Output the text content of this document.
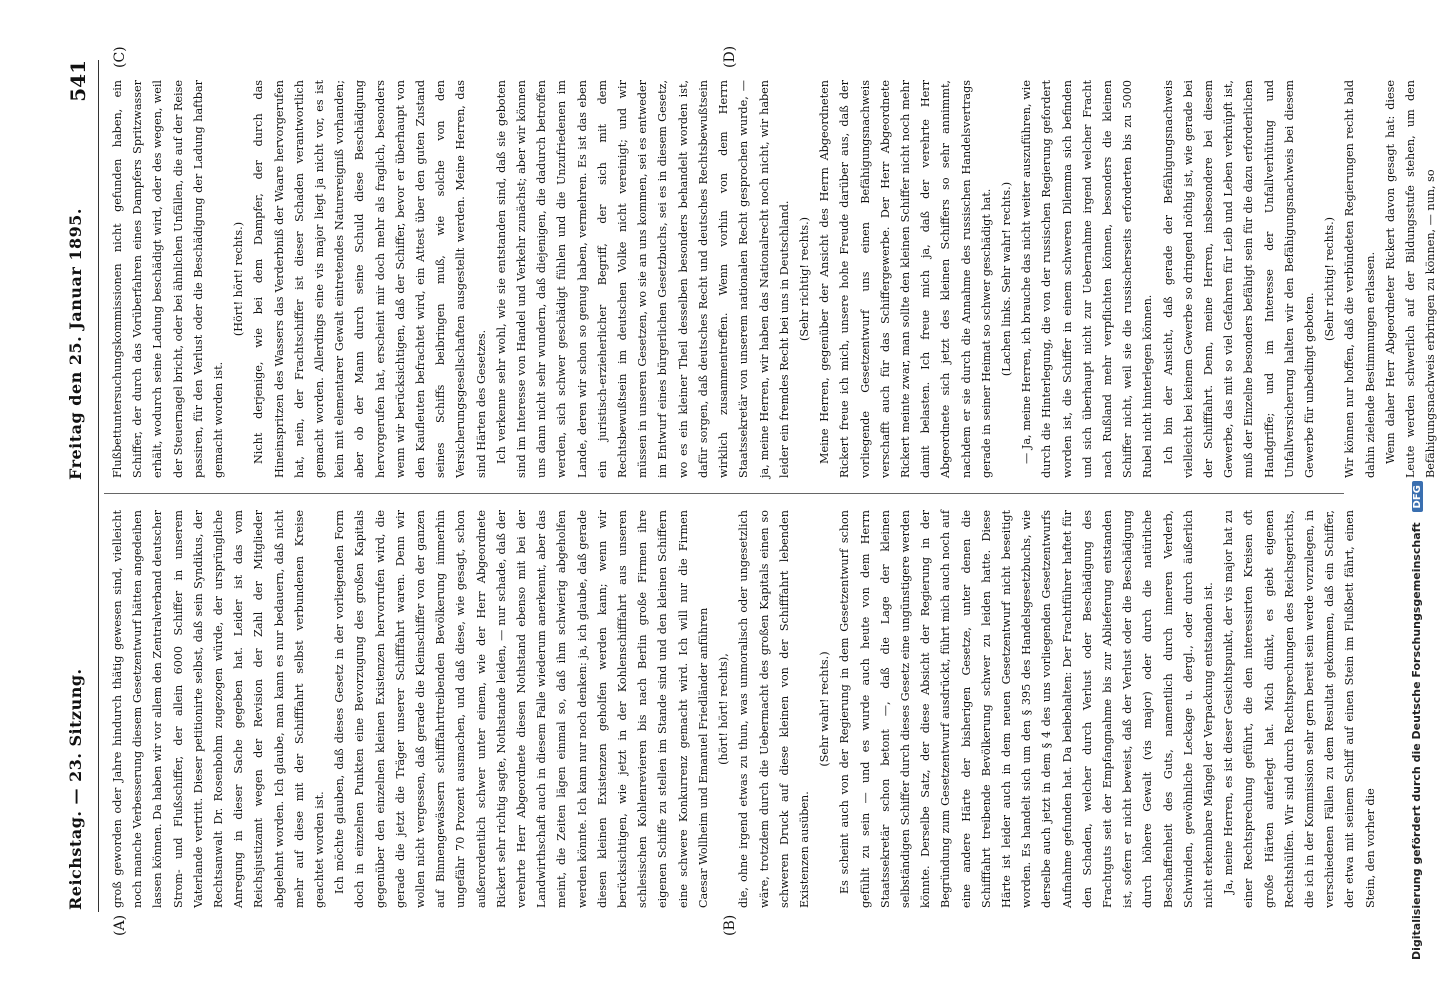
Reichstag. — 23. Sitzung.
Freitag den 25. Januar 1895.
541
(A)	(B)
(C)	(D)

groß geworden oder Jahre hindurch thätig gewesen sind, vielleicht noch manche Verbesserung diesem Gesetzentwurf hätten angedeihen lassen können. Da haben wir vor allem den Zentralverband deutscher Strom- und Flußschiffer, der allein 6000 Schiffer in unserem Vaterlande vertritt. Dieser petitionirte selbst, daß sein Syndikus, der Rechtsanwalt Dr. Rosenbohm zugezogen würde, der ursprüngliche Anregung in dieser Sache gegeben hat. Leider ist das vom Reichsjustizamt wegen der Revision der Zahl der Mitglieder abgelehnt worden. Ich glaube, man kann es nur bedauern, daß nicht mehr auf diese mit der Schifffahrt selbst verbundenen Kreise geachtet worden ist. Ich möchte glauben, daß dieses Gesetz in der vorliegenden Form doch in einzelnen Punkten eine Bevorzugung des großen Kapitals gegenüber den einzelnen kleinen Existenzen hervorrufen wird, die gerade die jetzt die Träger unserer Schifffahrt waren. Denn wir wollen nicht vergessen, daß gerade die Kleinschiffer von der ganzen auf Binnengewässern schifffahrttreibenden Bevölkerung immerhin ungefähr 70 Prozent ausmachen, und daß diese, wie gesagt, schon außerordentlich schwer unter einem, wie der Herr Abgeordnete Rickert sehr richtig sagte, Nothstande leiden, — nur schade, daß der verehrte Herr Abgeordnete diesen Nothstand ebenso mit bei der Landwirthschaft auch in diesem Falle wiederum anerkennt, aber das meint, die Zeiten lägen einmal so, daß ihm schwierig abgeholfen werden könnte. Ich kann nur noch denken: ja, ich glaube, daß gerade diesen kleinen Existenzen geholfen werden kann; wenn wir berücksichtigen, wie jetzt in der Kohlenschifffahrt aus unseren schlesischen Kohlenrevieren bis nach Berlin große Firmen ihre eigenen Schiffe zu stellen im Stande sind und den kleinen Schiffern eine schwere Konkurrenz gemacht wird. Ich will nur die Firmen Caesar Wollheim und Emanuel Friedländer anführen (hört! hört! rechts), die, ohne irgend etwas zu thun, was unmoralisch oder ungesetzlich wäre, trotzdem durch die Uebermacht des großen Kapitals einen so schweren Druck auf diese kleinen von der Schifffahrt lebenden Existenzen ausüben.

(Sehr wahr! rechts.) Es scheint auch von der Regierung in dem Gesetzentwurf schon gefühlt zu sein — und es wurde auch heute von dem Herrn Staatssekretär schon betont —, daß die Lage der kleinen selbständigen Schiffer durch dieses Gesetz eine ungünstigere werden könnte. Derselbe Satz, der diese Absicht der Regierung in der Begründung zum Gesetzentwurf ausdrückt, führt mich auch noch auf eine andere Härte der bisherigen Gesetze, unter denen die Schifffahrt treibende Bevölkerung schwer zu leiden hatte. Diese Härte ist leider auch in dem neuen Gesetzentwurf nicht beseitigt worden. Es handelt sich um den § 395 des Handelsgesetzbuchs, wie derselbe auch jetzt in dem § 4 des uns vorliegenden Gesetzentwurfs Aufnahme gefunden hat. Da beibehalten: Der Frachtführer haftet für den Schaden, welcher durch Verlust oder Beschädigung des Frachtguts seit der Empfangnahme bis zur Ablieferung entstanden ist, sofern er nicht beweist, daß der Verlust oder die Beschädigung durch höhere Gewalt (vis major) oder durch die natürliche Beschaffenheit des Guts, namentlich durch inneren Verderb, Schwinden, gewöhnliche Leckage u. dergl., oder durch äußerlich nicht erkennbare Mängel der Verpackung entstanden ist. Ja, meine Herren, es ist dieser Gesichtspunkt, der vis major hat zu einer Rechtsprechung geführt, die den interessirten Kreisen oft große Härten auferlegt hat. Mich dünkt, es giebt eigenen Rechtshülfen. Wir sind durch Rechtsprechungen des Reichsgerichts, die ich in der Kommission sehr gern bereit sein werde vorzulegen, in verschiedenen Fällen zu dem Resultat gekommen, daß ein Schiffer, der etwa mit seinem Schiff auf einen Stein im Flußbett fährt, einen Stein, den vorher die

Flußbettuntersuchungskommissionen nicht gefunden haben, ein Schiffer, der durch das Vorüberfahren eines Dampfers Spritzwasser erhält, wodurch seine Ladung beschädigt wird, oder des wegen, weil der Steuernagel bricht, oder bei ähnlichen Unfällen, die auf der Reise passiren, für den Verlust oder die Beschädigung der Ladung haftbar gemacht worden ist.

(Hört! hört! rechts.) Nicht derjenige, wie bei dem Dampfer, der durch das Hineinspritzen des Wassers das Verderbniß der Waare hervorgerufen hat, nein, der Frachtschiffer ist dieser Schaden verantwortlich gemacht worden. Allerdings eine vis major liegt ja nicht vor, es ist kein mit elementarer Gewalt eintretendes Naturereigniß vorhanden; aber ob der Mann durch seine Schuld diese Beschädigung hervorgerufen hat, erscheint mir doch mehr als fraglich, besonders wenn wir berücksichtigen, daß der Schiffer, bevor er überhaupt von den Kaufleuten befrachtet wird, ein Attest über den guten Zustand seines Schiffs beibringen muß, wie solche von den Versicherungsgesellschaften ausgestellt werden. Meine Herren, das sind Härten des Gesetzes. Ich verkenne sehr wohl, wie sie entstanden sind, daß sie geboten sind im Interesse von Handel und Verkehr zunächst; aber wir können uns dann nicht sehr wundern, daß diejenigen, die dadurch betroffen werden, sich schwer geschädigt fühlen und die Unzufriedenen im Lande, deren wir schon so genug haben, vermehren. Es ist das eben ein juristisch-erzieherlicher Begriff, der sich mit dem Rechtsbewußtsein im deutschen Volke nicht vereinigt; und wir müssen in unseren Gesetzen, wo sie an uns kommen, sei es entweder im Entwurf eines bürgerlichen Gesetzbuchs, sei es in diesem Gesetz, wo es ein kleiner Theil desselben besonders behandelt worden ist, dafür sorgen, daß deutsches Recht und deutsches Rechtsbewußtsein wirklich zusammentreffen. Wenn vorhin von dem Herrn Staatssekretär von unserem nationalen Recht gesprochen wurde, — ja, meine Herren, wir haben das Nationalrecht noch nicht, wir haben leider ein fremdes Recht bei uns in Deutschland. (Sehr richtig! rechts.) Meine Herren, gegenüber der Ansicht des Herrn Abgeordneten Rickert freue ich mich, unsere hohe Freude darüber aus, daß der vorliegende Gesetzentwurf uns einen Befähigungsnachweis verschafft auch für das Schiffergewerbe. Der Herr Abgeordnete Rickert meinte zwar, man sollte den kleinen Schiffer nicht noch mehr damit belasten. Ich freue mich ja, daß der verehrte Herr Abgeordnete sich jetzt des kleinen Schiffers so sehr annimmt, nachdem er sie durch die Annahme des russischen Handelsvertrags gerade in seiner Heimat so schwer geschädigt hat. (Lachen links. Sehr wahr! rechts.) — Ja, meine Herren, ich brauche das nicht weiter auszuführen, wie durch die Hinterlegung, die von der russischen Regierung gefordert worden ist, die Schiffer in einem schweren Dilemma sich befinden und sich überhaupt nicht zur Uebernahme irgend welcher Fracht nach Rußland mehr verpflichten können, besonders die kleinen Schiffer nicht, weil sie die russischerseits erforderten bis zu 5000 Rubel nicht hinterlegen können. Ich bin der Ansicht, daß gerade der Befähigungsnachweis vielleicht bei keinem Gewerbe so dringend nöthig ist, wie gerade bei der Schifffahrt. Denn, meine Herren, insbesondere bei diesem Gewerbe, das mit so viel Gefahren für Leib und Leben verknüpft ist, muß der Einzelne besonders befähigt sein für die dazu erforderlichen Handgriffe; und im Interesse der Unfallverhütung und Unfallversicherung halten wir den Befähigungsnachweis bei diesem Gewerbe für unbedingt geboten.

(Sehr richtig! rechts.) Wir können nur hoffen, daß die verbündeten Regierungen recht bald dahin zielende Bestimmungen erlassen. Wenn daher Herr Abgeordneter Rickert davon gesagt hat: diese Leute werden schwerlich auf der Bildungsstufe stehen, um den Befähigungsnachweis erbringen zu können, — nun, so

Digitalisierung gefördert durch die Deutsche Forschungsgemeinschaft DFG
